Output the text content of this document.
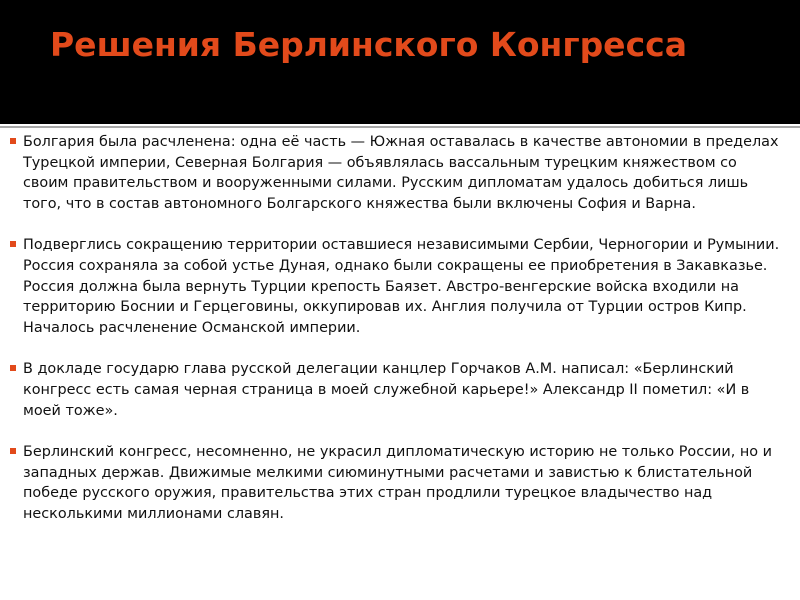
Решения Берлинского Конгресса

Болгария была расчленена: одна её часть — Южная оставалась в качестве автономии в пределах Турецкой империи, Северная Болгария — объявлялась вассальным турецким княжеством со своим правительством и вооруженными силами. Русским дипломатам удалось добиться лишь того, что в состав автономного Болгарского княжества были включены София и Варна.

Подверглись сокращению территории оставшиеся независимыми Сербии, Черногории и Румынии. Россия сохраняла за собой устье Дуная, однако были сокращены ее приобретения в Закавказье. Россия должна была вернуть Турции крепость Баязет. Австро-венгерские войска входили на территорию Боснии и Герцеговины, оккупировав их. Англия получила от Турции остров Кипр. Началось расчленение Османской империи.

В докладе государю глава русской делегации канцлер Горчаков А.М. написал: «Берлинский конгресс есть самая черная страница в моей служебной карьере!» Александр II пометил: «И в моей тоже».

Берлинский конгресс, несомненно, не украсил дипломатическую историю не только России, но и западных держав. Движимые мелкими сиюминутными расчетами и завистью к блистательной победе русского оружия, правительства этих стран продлили турецкое владычество над несколькими миллионами славян.
